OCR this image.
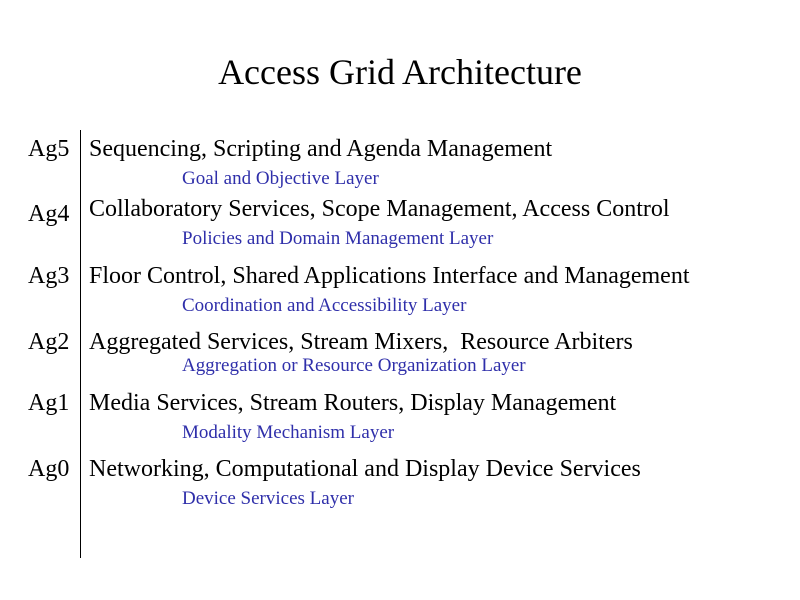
Access Grid Architecture
Ag5 Sequencing, Scripting and Agenda Management
Goal and Objective Layer
Ag4 Collaboratory Services, Scope Management, Access Control
Policies and Domain Management Layer
Ag3 Floor Control, Shared Applications Interface and Management
Coordination and Accessibility Layer
Ag2 Aggregated Services, Stream Mixers,  Resource Arbiters
Aggregation or Resource Organization Layer
Ag1 Media Services, Stream Routers, Display Management
Modality Mechanism Layer
Ag0 Networking, Computational and Display Device Services
Device Services Layer
